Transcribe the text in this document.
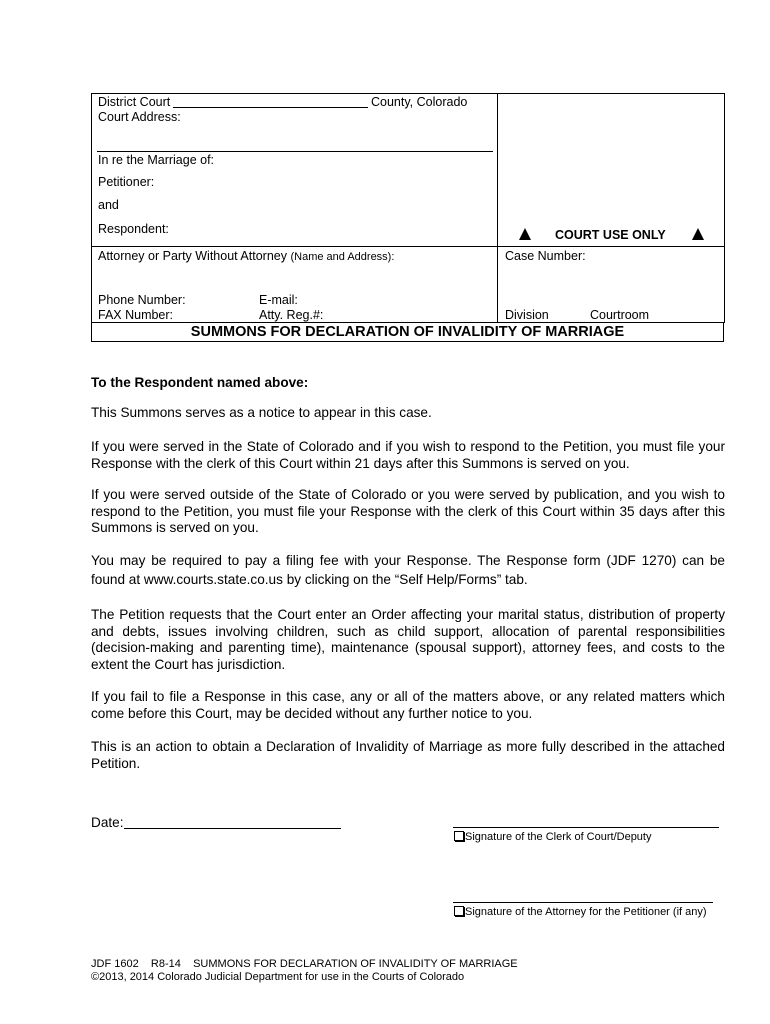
District Court	County, Colorado
Court Address:
In re the Marriage of:
Petitioner:
and
Respondent:	COURT USE ONLY
Attorney or Party Without Attorney (Name and Address):
Phone Number:	E-mail:
FAX Number:	Atty. Reg.#:
Case Number:
Division	Courtroom
SUMMONS FOR DECLARATION OF INVALIDITY OF MARRIAGE
To the Respondent named above:
This Summons serves as a notice to appear in this case.
If you were served in the State of Colorado and if you wish to respond to the Petition, you must file your Response with the clerk of this Court within 21 days after this Summons is served on you.
If you were served outside of the State of Colorado or you were served by publication, and you wish to respond to the Petition, you must file your Response with the clerk of this Court within 35 days after this Summons is served on you.
You may be required to pay a filing fee with your Response. The Response form (JDF 1270) can be
found at www.courts.state.co.us by clicking on the “Self Help/Forms” tab.
The Petition requests that the Court enter an Order affecting your marital status, distribution of property and debts, issues involving children, such as child support, allocation of parental responsibilities (decision-making and parenting time), maintenance (spousal support), attorney fees, and costs to the extent the Court has jurisdiction.
If you fail to file a Response in this case, any or all of the matters above, or any related matters which come before this Court, may be decided without any further notice to you.
This is an action to obtain a Declaration of Invalidity of Marriage as more fully described in the attached Petition.
Date:
Signature of the Clerk of Court/Deputy
Signature of the Attorney for the Petitioner (if any)
JDF 1602    R8-14    SUMMONS FOR DECLARATION OF INVALIDITY OF MARRIAGE
©2013, 2014 Colorado Judicial Department for use in the Courts of Colorado
